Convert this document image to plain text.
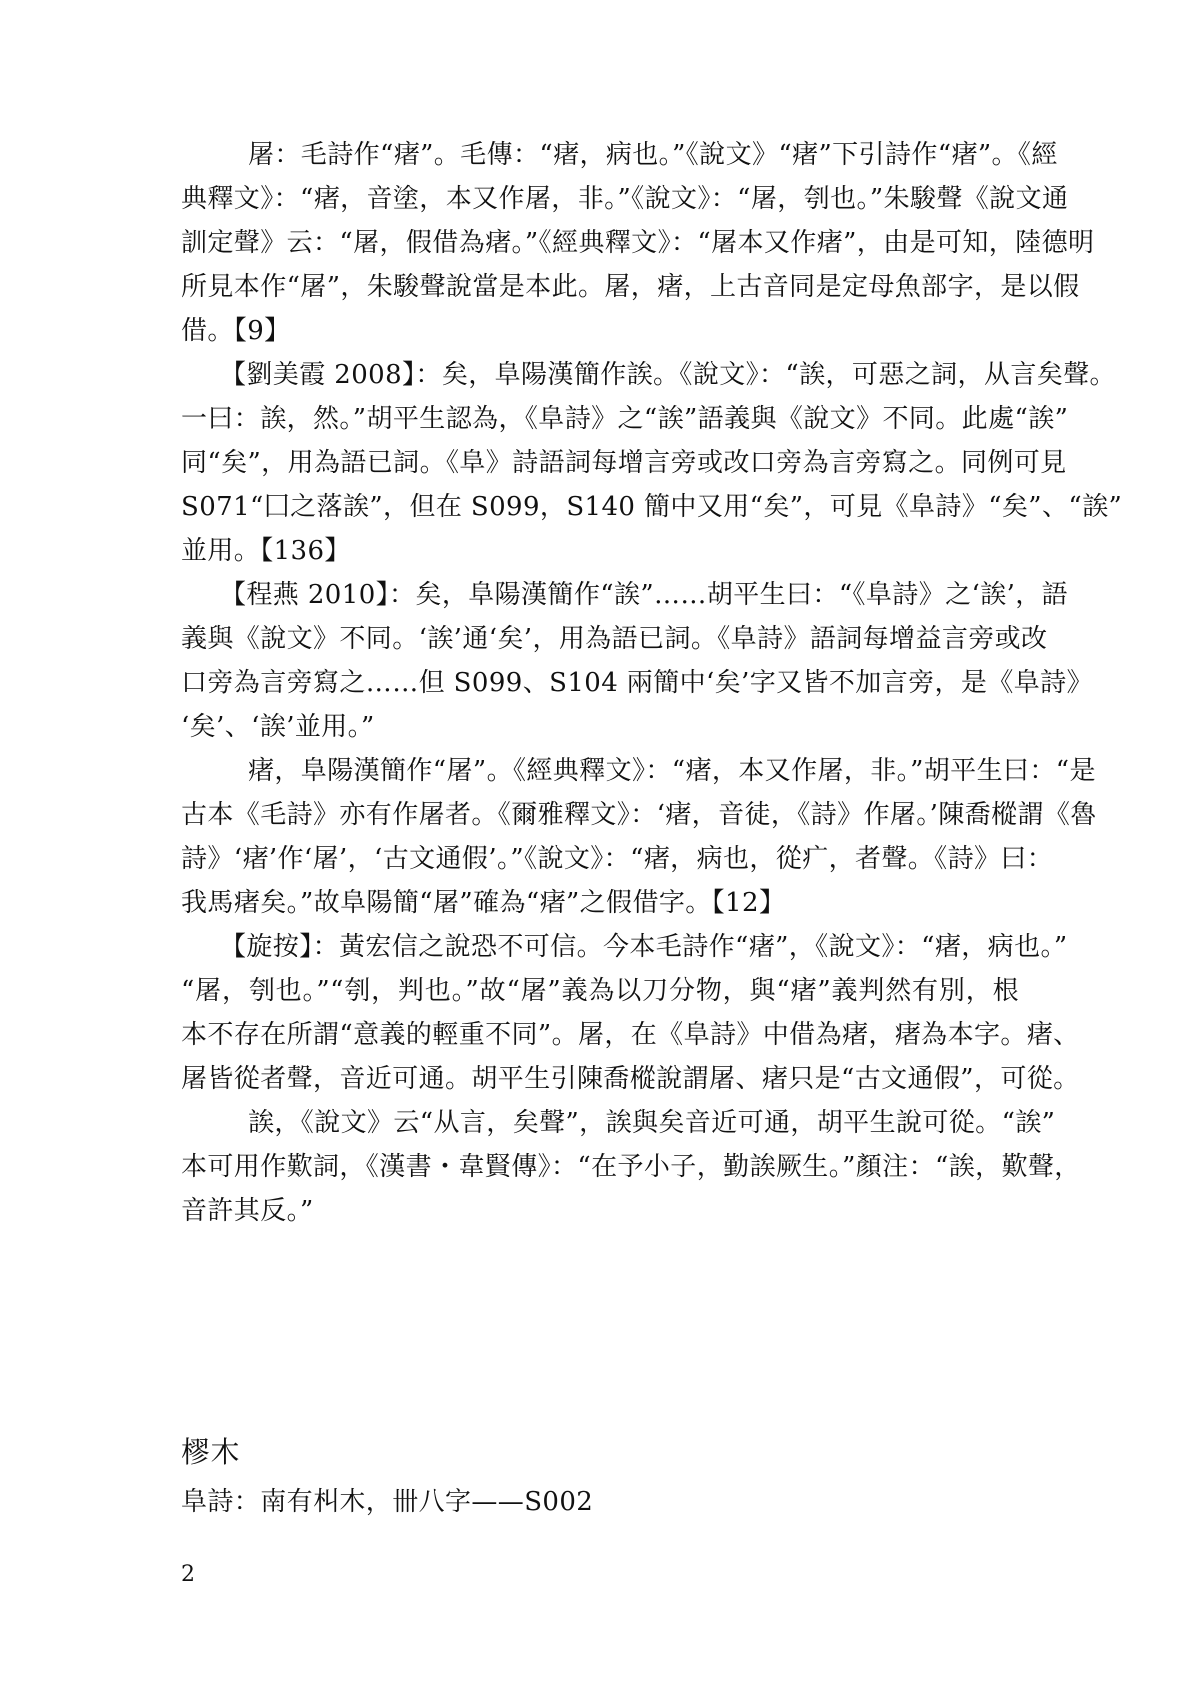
屠：毛詩作“瘏”。毛傳：“瘏，病也。”《說文》“瘏”下引詩作“瘏”。《經
典釋文》：“瘏，音塗，本又作屠，非。”《說文》：“屠，刳也。”朱駿聲《說文通
訓定聲》云：“屠，假借為瘏。”《經典釋文》：“屠本又作瘏”，由是可知，陸德明
所見本作“屠”，朱駿聲說當是本此。屠，瘏，上古音同是定母魚部字，是以假
借。【9】
【劉美霞 2008】：矣，阜陽漢簡作誒。《說文》：“誒，可惡之詞，从言矣聲。
一曰：誒，然。”胡平生認為，《阜詩》之“誒”語義與《說文》不同。此處“誒”
同“矣”，用為語已詞。《阜》詩語詞每增言旁或改口旁為言旁寫之。同例可見
S071“囗之落誒”，但在 S099，S140 簡中又用“矣”，可見《阜詩》“矣”、“誒”
並用。【136】
【程燕 2010】：矣，阜陽漢簡作“誒”……胡平生曰：“《阜詩》之‘誒’，語
義與《說文》不同。‘誒’通‘矣’，用為語已詞。《阜詩》語詞每增益言旁或改
口旁為言旁寫之……但 S099、S104 兩簡中‘矣’字又皆不加言旁，是《阜詩》
‘矣’、‘誒’並用。”
瘏，阜陽漢簡作“屠”。《經典釋文》：“瘏，本又作屠，非。”胡平生曰：“是
古本《毛詩》亦有作屠者。《爾雅釋文》：‘瘏，音徒，《詩》作屠。’陳喬樅謂《魯
詩》‘瘏’作‘屠’，‘古文通假’。”《說文》：“瘏，病也，從疒，者聲。《詩》曰：
我馬瘏矣。”故阜陽簡“屠”確為“瘏”之假借字。【12】
【旋按】：黃宏信之說恐不可信。今本毛詩作“瘏”，《說文》：“瘏，病也。”
“屠，刳也。”“刳，判也。”故“屠”義為以刀分物，與“瘏”義判然有別，根
本不存在所謂“意義的輕重不同”。屠，在《阜詩》中借為瘏，瘏為本字。瘏、
屠皆從者聲，音近可通。胡平生引陳喬樅說謂屠、瘏只是“古文通假”，可從。
誒，《說文》云“从言，矣聲”，誒與矣音近可通，胡平生說可從。“誒”
本可用作歎詞，《漢書・韋賢傳》：“在予小子，勤誒厥生。”顏注：“誒，歎聲，
音許其反。”
樛木
阜詩：南有朻木，卌八字——S002
2
